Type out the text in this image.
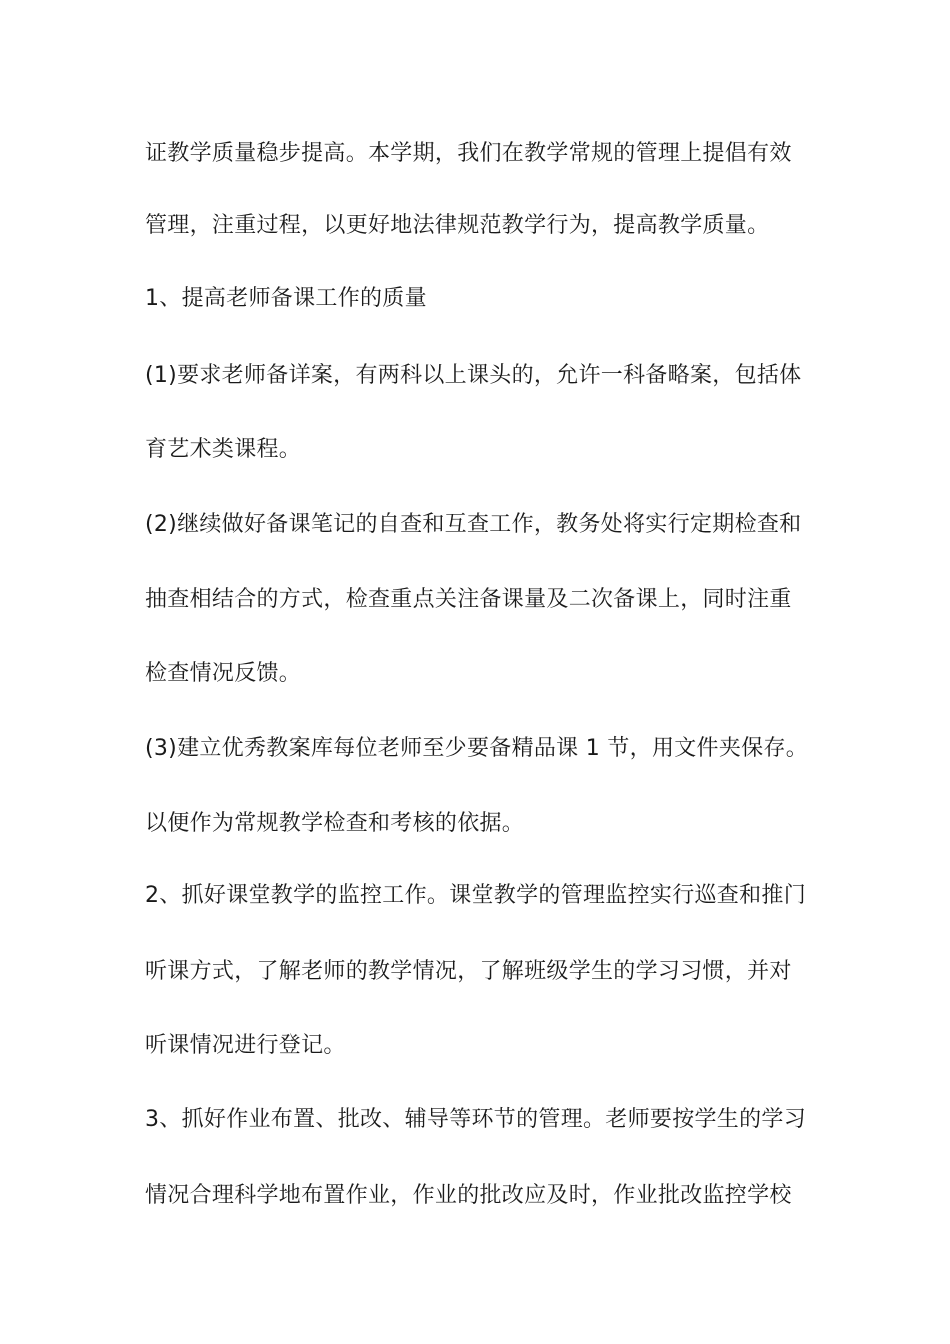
证教学质量稳步提高。本学期，我们在教学常规的管理上提倡有效
管理，注重过程，以更好地法律规范教学行为，提高教学质量。
1、提高老师备课工作的质量
(1)要求老师备详案，有两科以上课头的，允许一科备略案，包括体
育艺术类课程。
(2)继续做好备课笔记的自查和互查工作，教务处将实行定期检查和
抽查相结合的方式，检查重点关注备课量及二次备课上，同时注重
检查情况反馈。
(3)建立优秀教案库每位老师至少要备精品课 1 节，用文件夹保存。
以便作为常规教学检查和考核的依据。
2、抓好课堂教学的监控工作。课堂教学的管理监控实行巡查和推门
听课方式，了解老师的教学情况，了解班级学生的学习习惯，并对
听课情况进行登记。
3、抓好作业布置、批改、辅导等环节的管理。老师要按学生的学习
情况合理科学地布置作业，作业的批改应及时，作业批改监控学校
